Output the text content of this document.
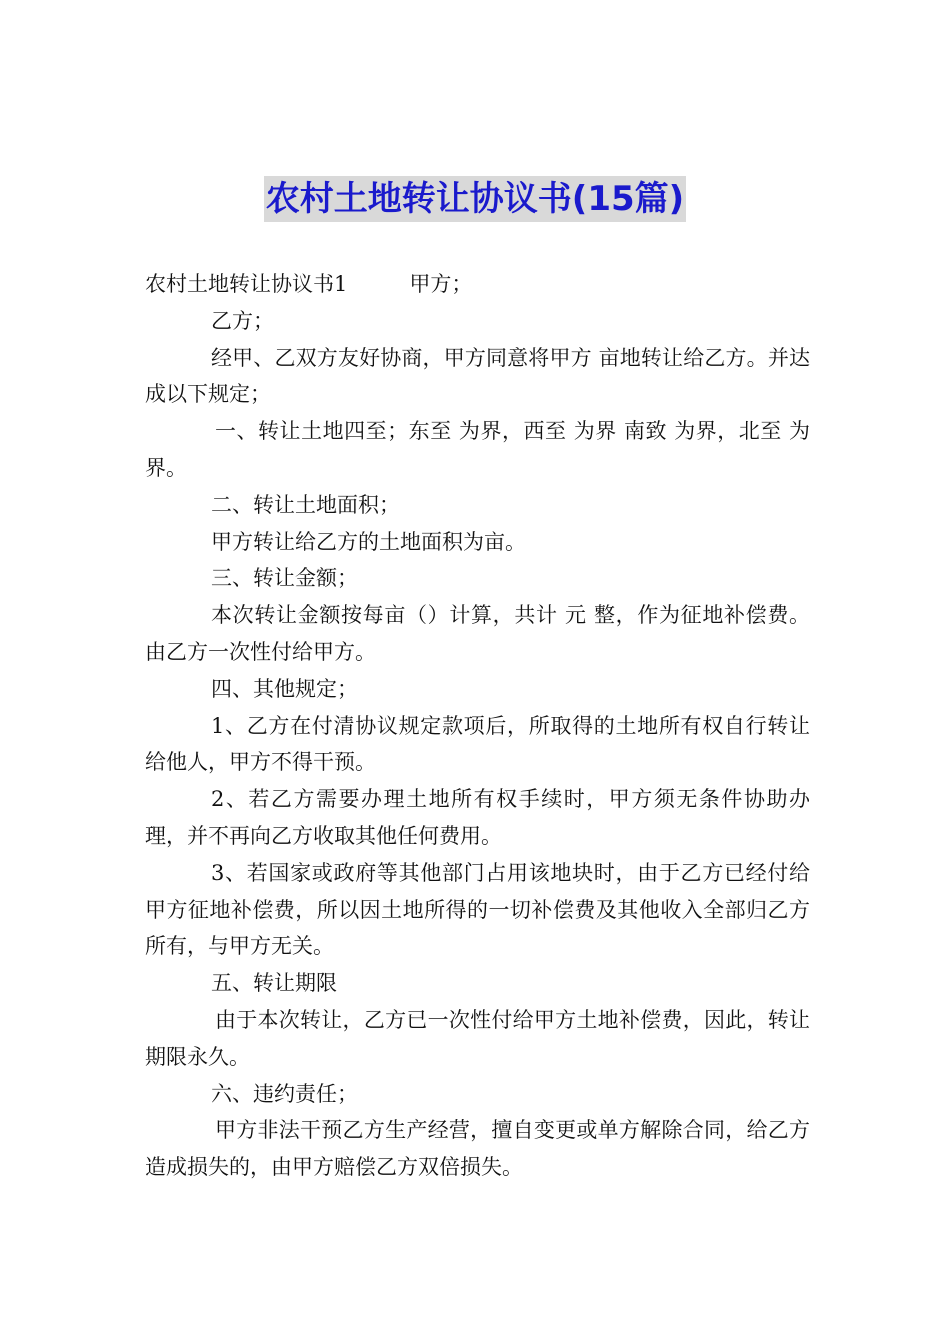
农村土地转让协议书(15篇)

农村土地转让协议书1	甲方；

乙方；

经甲、乙双方友好协商，甲方同意将甲方 亩地转让给乙方。并达成以下规定；

一、转让土地四至；东至 为界，西至 为界 南致 为界，北至 为界。

二、转让土地面积；

甲方转让给乙方的土地面积为亩。

三、转让金额；

本次转让金额按每亩（）计算，共计 元 整，作为征地补偿费。由乙方一次性付给甲方。

四、其他规定；

1、乙方在付清协议规定款项后，所取得的土地所有权自行转让给他人，甲方不得干预。

2、若乙方需要办理土地所有权手续时，甲方须无条件协助办理，并不再向乙方收取其他任何费用。

3、若国家或政府等其他部门占用该地块时，由于乙方已经付给甲方征地补偿费，所以因土地所得的一切补偿费及其他收入全部归乙方所有，与甲方无关。

五、转让期限

由于本次转让，乙方已一次性付给甲方土地补偿费，因此，转让期限永久。

六、违约责任；

甲方非法干预乙方生产经营，擅自变更或单方解除合同，给乙方造成损失的，由甲方赔偿乙方双倍损失。
